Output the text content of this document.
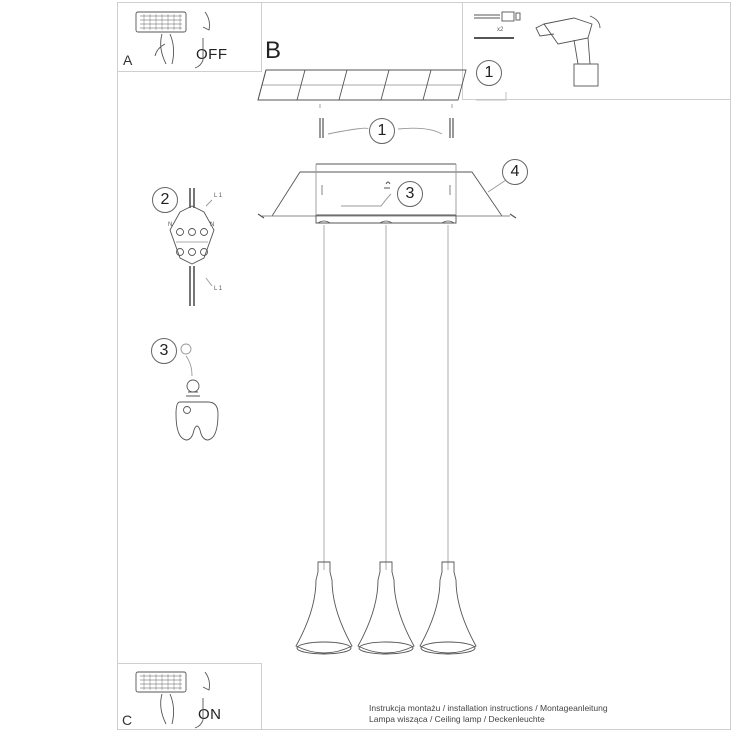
A	OFF
x2
C	ON
B
1
1
3
4
2
3
L 1
L 1
N	N
Instrukcja montażu / installation instructions / Montageanleitung
Lampa wisząca / Ceiling lamp / Deckenleuchte
